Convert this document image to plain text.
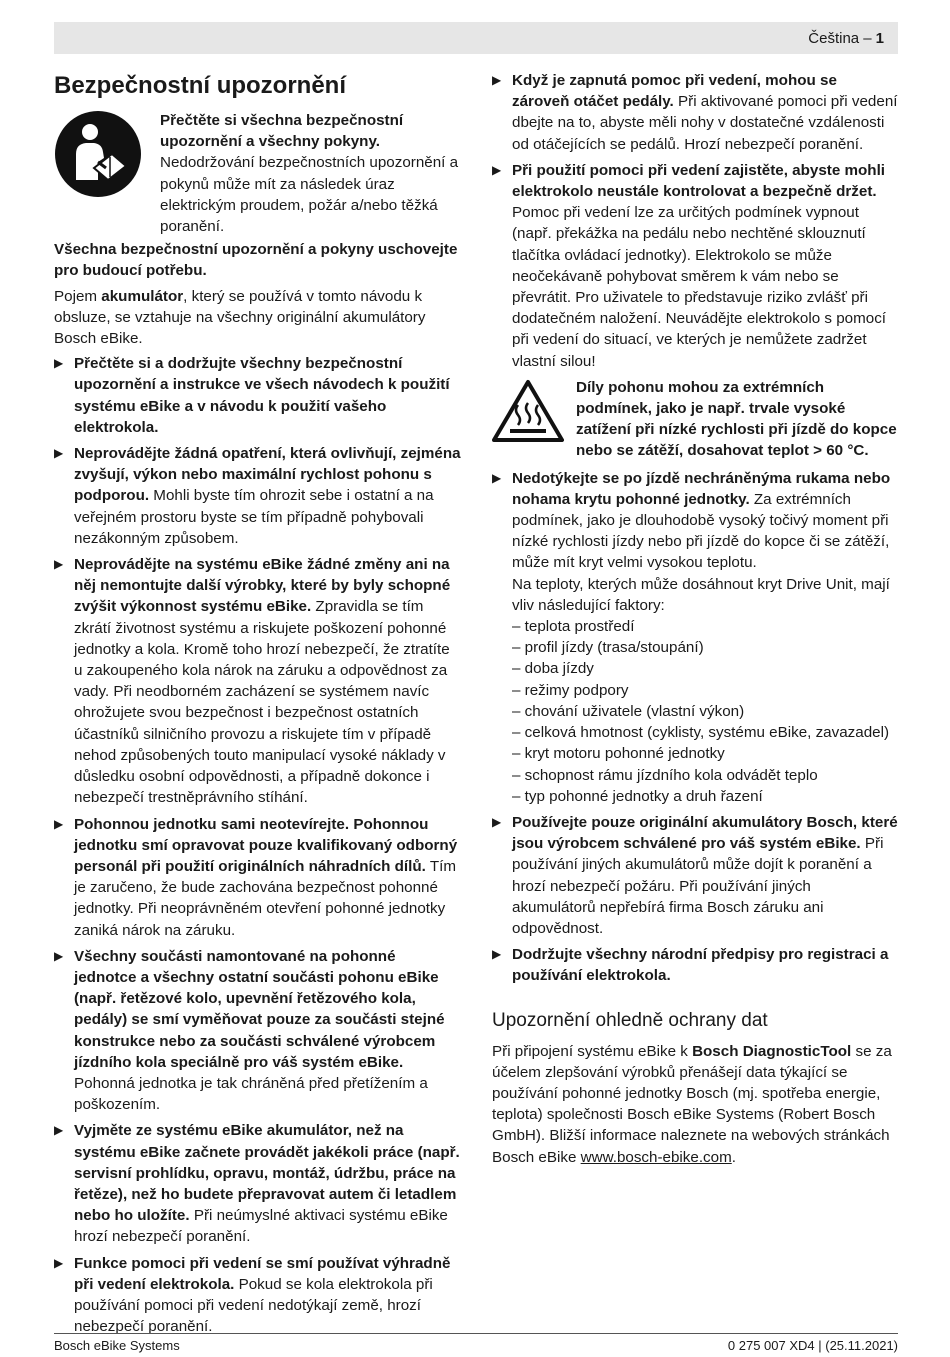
Čeština – 1
Bezpečnostní upozornění
Přečtěte si všechna bezpečnostní upozornění a všechny pokyny. Nedodržování bezpečnostních upozornění a pokynů může mít za následek úraz elektrickým proudem, požár a/nebo těžká poranění.

Všechna bezpečnostní upozornění a pokyny uschovejte pro budoucí potřebu.

Pojem akumulátor, který se používá v tomto návodu k obsluze, se vztahuje na všechny originální akumulátory Bosch eBike.

▶ Přečtěte si a dodržujte všechny bezpečnostní upozornění a instrukce ve všech návodech k použití systému eBike a v návodu k použití vašeho elektrokola.
▶ Neprovádějte žádná opatření, která ovlivňují, zejména zvyšují, výkon nebo maximální rychlost pohonu s podporou. Mohli byste tím ohrozit sebe i ostatní a na veřejném prostoru byste se tím případně pohybovali nezákonným způsobem.
▶ Neprovádějte na systému eBike žádné změny ani na něj nemontujte další výrobky, které by byly schopné zvýšit výkonnost systému eBike. Zpravidla se tím zkrátí životnost systému a riskujete poškození pohonné jednotky a kola. Kromě toho hrozí nebezpečí, že ztratíte u zakoupeného kola nárok na záruku a odpovědnost za vady. Při neodborném zacházení se systémem navíc ohrožujete svou bezpečnost i bezpečnost ostatních účastníků silničního provozu a riskujete tím v případě nehod způsobených touto manipulací vysoké náklady v důsledku osobní odpovědnosti, a případně dokonce i nebezpečí trestněprávního stíhání.
▶ Pohonnou jednotku sami neotevírejte. Pohonnou jednotku smí opravovat pouze kvalifikovaný odborný personál při použití originálních náhradních dílů. Tím je zaručeno, že bude zachována bezpečnost pohonné jednotky. Při neoprávněném otevření pohonné jednotky zaniká nárok na záruku.
▶ Všechny součásti namontované na pohonné jednotce a všechny ostatní součásti pohonu eBike (např. řetězové kolo, upevnění řetězového kola, pedály) se smí vyměňovat pouze za součásti stejné konstrukce nebo za součásti schválené výrobcem jízdního kola speciálně pro váš systém eBike. Pohonná jednotka je tak chráněná před přetížením a poškozením.
▶ Vyjměte ze systému eBike akumulátor, než na systému eBike začnete provádět jakékoli práce (např. servisní prohlídku, opravu, montáž, údržbu, práce na řetěze), než ho budete přepravovat autem či letadlem nebo ho uložíte. Při neúmyslné aktivaci systému eBike hrozí nebezpečí poranění.
▶ Funkce pomoci při vedení se smí používat výhradně při vedení elektrokola. Pokud se kola elektrokola při používání pomoci při vedení nedotýkají země, hrozí nebezpečí poranění.
▶ Když je zapnutá pomoc při vedení, mohou se zároveň otáčet pedály. Při aktivované pomoci při vedení dbejte na to, abyste měli nohy v dostatečné vzdálenosti od otáčejících se pedálů. Hrozí nebezpečí poranění.
▶ Při použití pomoci při vedení zajistěte, abyste mohli elektrokolo neustále kontrolovat a bezpečně držet. Pomoc při vedení lze za určitých podmínek vypnout (např. překážka na pedálu nebo nechtěné sklouznutí tlačítka ovládací jednotky). Elektrokolo se může neočekávaně pohybovat směrem k vám nebo se převrátit. Pro uživatele to představuje riziko zvlášť při dodatečném naložení. Neuvádějte elektrokolo s pomocí při vedení do situací, ve kterých je nemůžete zadržet vlastní silou!
Díly pohonu mohou za extrémních podmínek, jako je např. trvale vysoké zatížení při nízké rychlosti při jízdě do kopce nebo se zátěží, dosahovat teplot > 60 °C.
▶ Nedotýkejte se po jízdě nechráněnýma rukama nebo nohama krytu pohonné jednotky. Za extrémních podmínek, jako je dlouhodobě vysoký točivý moment při nízké rychlosti jízdy nebo při jízdě do kopce či se zátěží, může mít kryt velmi vysokou teplotu.
Na teploty, kterých může dosáhnout kryt Drive Unit, mají vliv následující faktory:
– teplota prostředí
– profil jízdy (trasa/stoupání)
– doba jízdy
– režimy podpory
– chování uživatele (vlastní výkon)
– celková hmotnost (cyklisty, systému eBike, zavazadel)
– kryt motoru pohonné jednotky
– schopnost rámu jízdního kola odvádět teplo
– typ pohonné jednotky a druh řazení
▶ Používejte pouze originální akumulátory Bosch, které jsou výrobcem schválené pro váš systém eBike. Při používání jiných akumulátorů může dojít k poranění a hrozí nebezpečí požáru. Při používání jiných akumulátorů nepřebírá firma Bosch záruku ani odpovědnost.
▶ Dodržujte všechny národní předpisy pro registraci a používání elektrokola.
Upozornění ohledně ochrany dat

Při připojení systému eBike k Bosch DiagnosticTool se za účelem zlepšování výrobků přenášejí data týkající se používání pohonné jednotky Bosch (mj. spotřeba energie, teplota) společnosti Bosch eBike Systems (Robert Bosch GmbH). Bližší informace naleznete na webových stránkách Bosch eBike www.bosch-ebike.com.

Bosch eBike Systems	0 275 007 XD4 | (25.11.2021)
